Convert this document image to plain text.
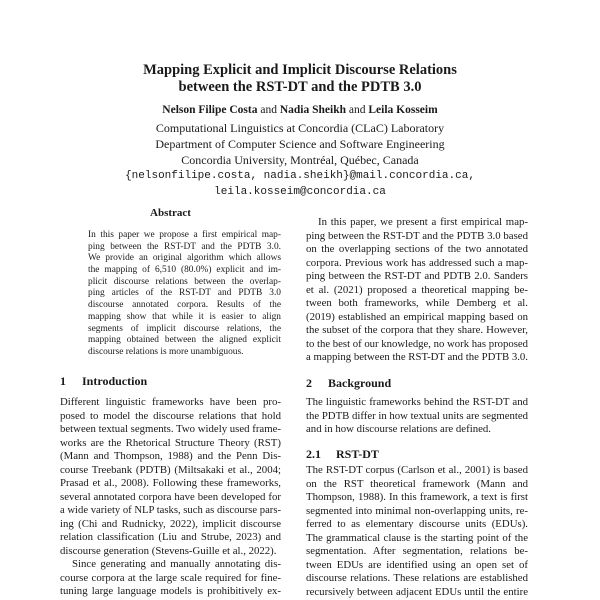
Mapping Explicit and Implicit Discourse Relations
between the RST-DT and the PDTB 3.0
Nelson Filipe Costa and Nadia Sheikh and Leila Kosseim
Computational Linguistics at Concordia (CLaC) Laboratory
Department of Computer Science and Software Engineering
Concordia University, Montréal, Québec, Canada
{nelsonfilipe.costa, nadia.sheikh}@mail.concordia.ca,
leila.kosseim@concordia.ca
Abstract
In this paper we propose a first empirical map-
ping between the RST-DT and the PDTB 3.0.
We provide an original algorithm which allows
the mapping of 6,510 (80.0%) explicit and im-
plicit discourse relations between the overlap-
ping articles of the RST-DT and PDTB 3.0
discourse annotated corpora. Results of the
mapping show that while it is easier to align
segments of implicit discourse relations, the
mapping obtained between the aligned explicit
discourse relations is more unambiguous.
1 Introduction
Different linguistic frameworks have been pro-
posed to model the discourse relations that hold
between textual segments. Two widely used frame-
works are the Rhetorical Structure Theory (RST)
(Mann and Thompson, 1988) and the Penn Dis-
course Treebank (PDTB) (Miltsakaki et al., 2004;
Prasad et al., 2008). Following these frameworks,
several annotated corpora have been developed for
a wide variety of NLP tasks, such as discourse pars-
ing (Chi and Rudnicky, 2022), implicit discourse
relation classification (Liu and Strube, 2023) and
discourse generation (Stevens-Guille et al., 2022).
Since generating and manually annotating dis-
course corpora at the large scale required for fine-
tuning large language models is prohibitively ex-
In this paper, we present a first empirical map-
ping between the RST-DT and the PDTB 3.0 based
on the overlapping sections of the two annotated
corpora. Previous work has addressed such a map-
ping between the RST-DT and PDTB 2.0. Sanders
et al. (2021) proposed a theoretical mapping be-
tween both frameworks, while Demberg et al.
(2019) established an empirical mapping based on
the subset of the corpora that they share. However,
to the best of our knowledge, no work has proposed
a mapping between the RST-DT and the PDTB 3.0.
2 Background
The linguistic frameworks behind the RST-DT and
the PDTB differ in how textual units are segmented
and in how discourse relations are defined.
2.1 RST-DT
The RST-DT corpus (Carlson et al., 2001) is based
on the RST theoretical framework (Mann and
Thompson, 1988). In this framework, a text is first
segmented into minimal non-overlapping units, re-
ferred to as elementary discourse units (EDUs).
The grammatical clause is the starting point of the
segmentation. After segmentation, relations be-
tween EDUs are identified using an open set of
discourse relations. These relations are established
recursively between adjacent EDUs until the entire
